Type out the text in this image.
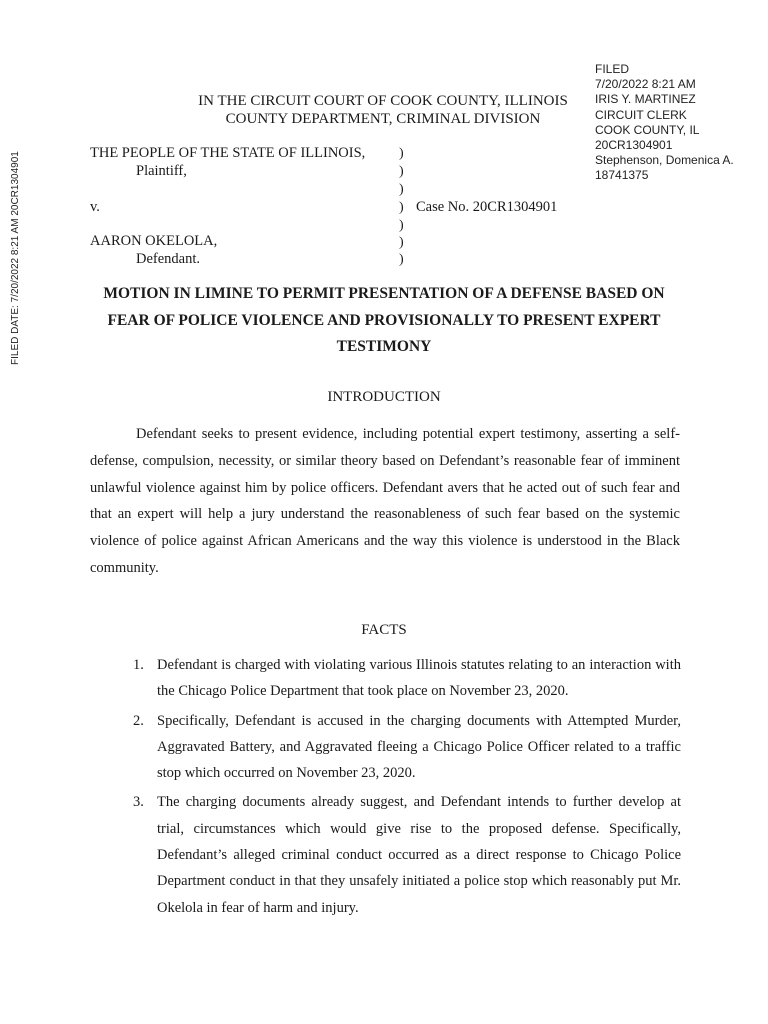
FILED DATE: 7/20/2022 8:21 AM 20CR1304901
FILED
7/20/2022 8:21 AM
IRIS Y. MARTINEZ
CIRCUIT CLERK
COOK COUNTY, IL
20CR1304901
Stephenson, Domenica A.
18741375
IN THE CIRCUIT COURT OF COOK COUNTY, ILLINOIS
COUNTY DEPARTMENT, CRIMINAL DIVISION
THE PEOPLE OF THE STATE OF ILLINOIS,
Plaintiff,
v.
AARON OKELOLA,
Defendant.
Case No. 20CR1304901
)
)
)
)
)
)
)
MOTION IN LIMINE TO PERMIT PRESENTATION OF A DEFENSE BASED ON
FEAR OF POLICE VIOLENCE AND PROVISIONALLY TO PRESENT EXPERT
TESTIMONY
INTRODUCTION

Defendant seeks to present evidence, including potential expert testimony, asserting a self-defense, compulsion, necessity, or similar theory based on Defendant’s reasonable fear of imminent unlawful violence against him by police officers. Defendant avers that he acted out of such fear and that an expert will help a jury understand the reasonableness of such fear based on the systemic violence of police against African Americans and the way this violence is understood in the Black community.

FACTS
1. Defendant is charged with violating various Illinois statutes relating to an interaction with the Chicago Police Department that took place on November 23, 2020.
2. Specifically, Defendant is accused in the charging documents with Attempted Murder, Aggravated Battery, and Aggravated fleeing a Chicago Police Officer related to a traffic stop which occurred on November 23, 2020.
3. The charging documents already suggest, and Defendant intends to further develop at trial, circumstances which would give rise to the proposed defense. Specifically, Defendant’s alleged criminal conduct occurred as a direct response to Chicago Police Department conduct in that they unsafely initiated a police stop which reasonably put Mr. Okelola in fear of harm and injury.
